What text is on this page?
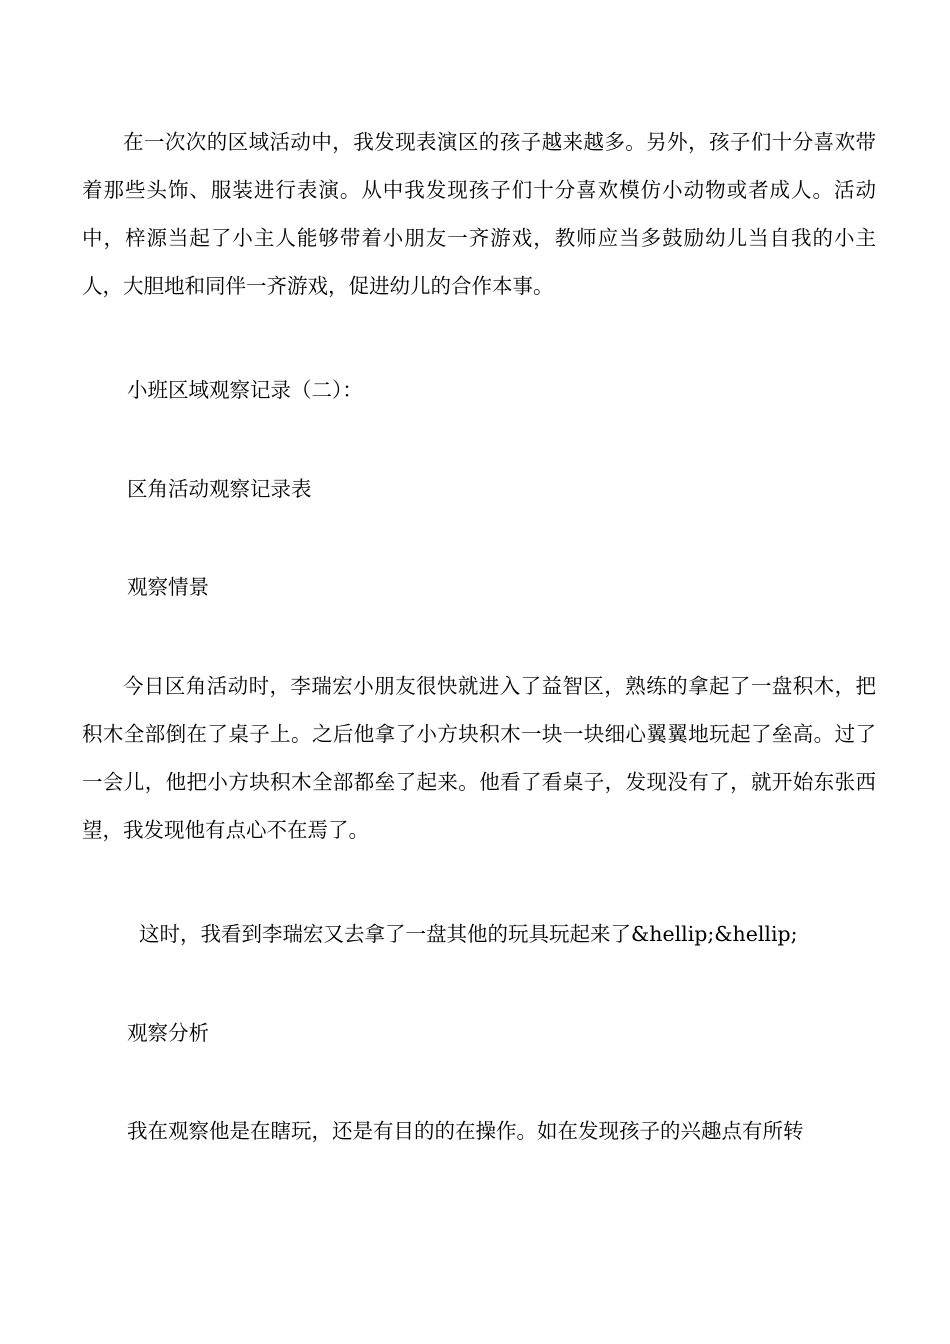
在一次次的区域活动中，我发现表演区的孩子越来越多。另外，孩子们十分喜欢带着那些头饰、服装进行表演。从中我发现孩子们十分喜欢模仿小动物或者成人。活动中，梓源当起了小主人能够带着小朋友一齐游戏，教师应当多鼓励幼儿当自我的小主人，大胆地和同伴一齐游戏，促进幼儿的合作本事。

小班区域观察记录（二）：
区角活动观察记录表
观察情景

今日区角活动时，李瑞宏小朋友很快就进入了益智区，熟练的拿起了一盘积木，把积木全部倒在了桌子上。之后他拿了小方块积木一块一块细心翼翼地玩起了垒高。过了一会儿，他把小方块积木全部都垒了起来。他看了看桌子，发现没有了，就开始东张西望，我发现他有点心不在焉了。

这时，我看到李瑞宏又去拿了一盘其他的玩具玩起来了&hellip;&hellip;
观察分析
我在观察他是在瞎玩，还是有目的的在操作。如在发现孩子的兴趣点有所转
